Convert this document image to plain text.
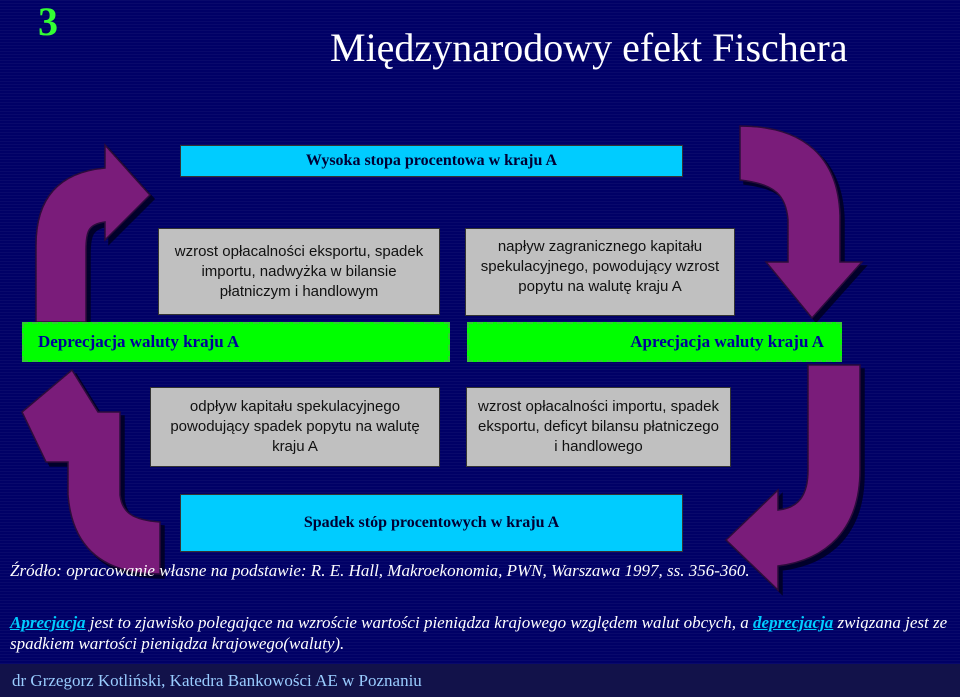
3
Międzynarodowy efekt Fischera
Wysoka stopa procentowa w kraju A
wzrost opłacalności eksportu, spadek importu, nadwyżka w bilansie płatniczym i handlowym
napływ zagranicznego kapitału spekulacyjnego, powodujący wzrost popytu na walutę kraju A
Deprecjacja waluty kraju A	Aprecjacja waluty kraju A
odpływ kapitału spekulacyjnego powodujący spadek popytu na walutę kraju A
wzrost opłacalności importu, spadek eksportu, deficyt bilansu płatniczego i handlowego
Spadek stóp procentowych w kraju A
Źródło: opracowanie własne na podstawie: R. E. Hall, Makroekonomia, PWN, Warszawa 1997, ss. 356-360.
Aprecjacja jest to zjawisko polegające na wzroście wartości pieniądza krajowego względem walut obcych, a deprecjacja związana jest ze spadkiem wartości pieniądza krajowego(waluty).
dr Grzegorz Kotliński, Katedra Bankowości AE w Poznaniu
